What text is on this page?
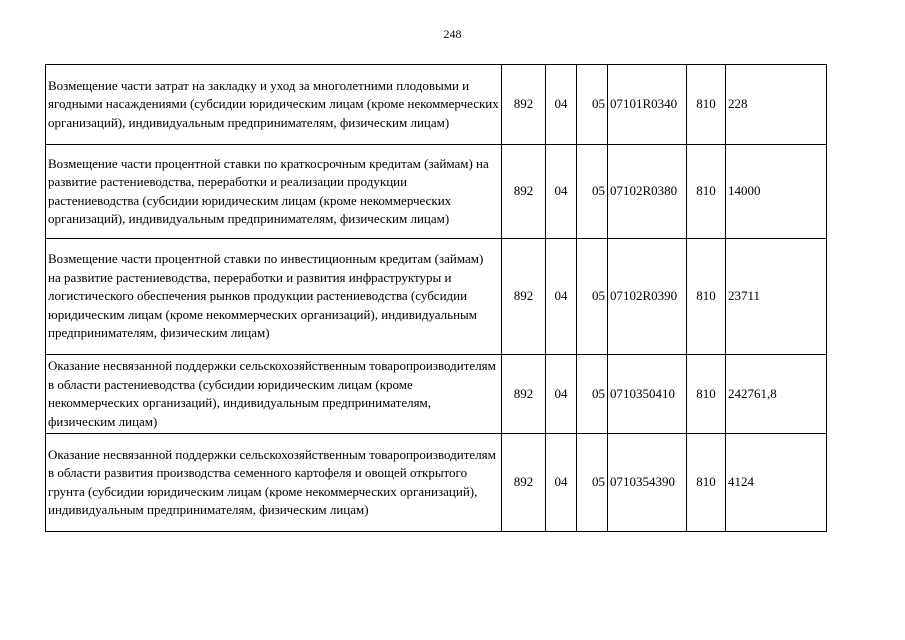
248
Возмещение части затрат на закладку и уход за многолетними плодовыми и ягодными насаждениями (субсидии юридическим лицам (кроме некоммерческих организаций), индивидуальным предпринимателям, физическим лицам)	892	04	05	07101R0340	810	228
Возмещение части процентной ставки по краткосрочным кредитам (займам) на развитие растениеводства, переработки и реализации продукции растениеводства (субсидии юридическим лицам (кроме некоммерческих организаций), индивидуальным предпринимателям, физическим лицам)	892	04	05	07102R0380	810	14000
Возмещение части процентной ставки по инвестиционным кредитам (займам) на развитие растениеводства, переработки и развития инфраструктуры и логистического обеспечения рынков продукции растениеводства (субсидии юридическим лицам (кроме некоммерческих организаций), индивидуальным предпринимателям, физическим лицам)	892	04	05	07102R0390	810	23711
Оказание несвязанной поддержки сельскохозяйственным товаропроизводителям в области растениеводства (субсидии юридическим лицам (кроме некоммерческих организаций), индивидуальным предпринимателям, физическим лицам)	892	04	05	0710350410	810	242761,8
Оказание несвязанной поддержки сельскохозяйственным товаропроизводителям в области развития производства семенного картофеля и овощей открытого грунта (субсидии юридическим лицам (кроме некоммерческих организаций), индивидуальным предпринимателям, физическим лицам)	892	04	05	0710354390	810	4124
